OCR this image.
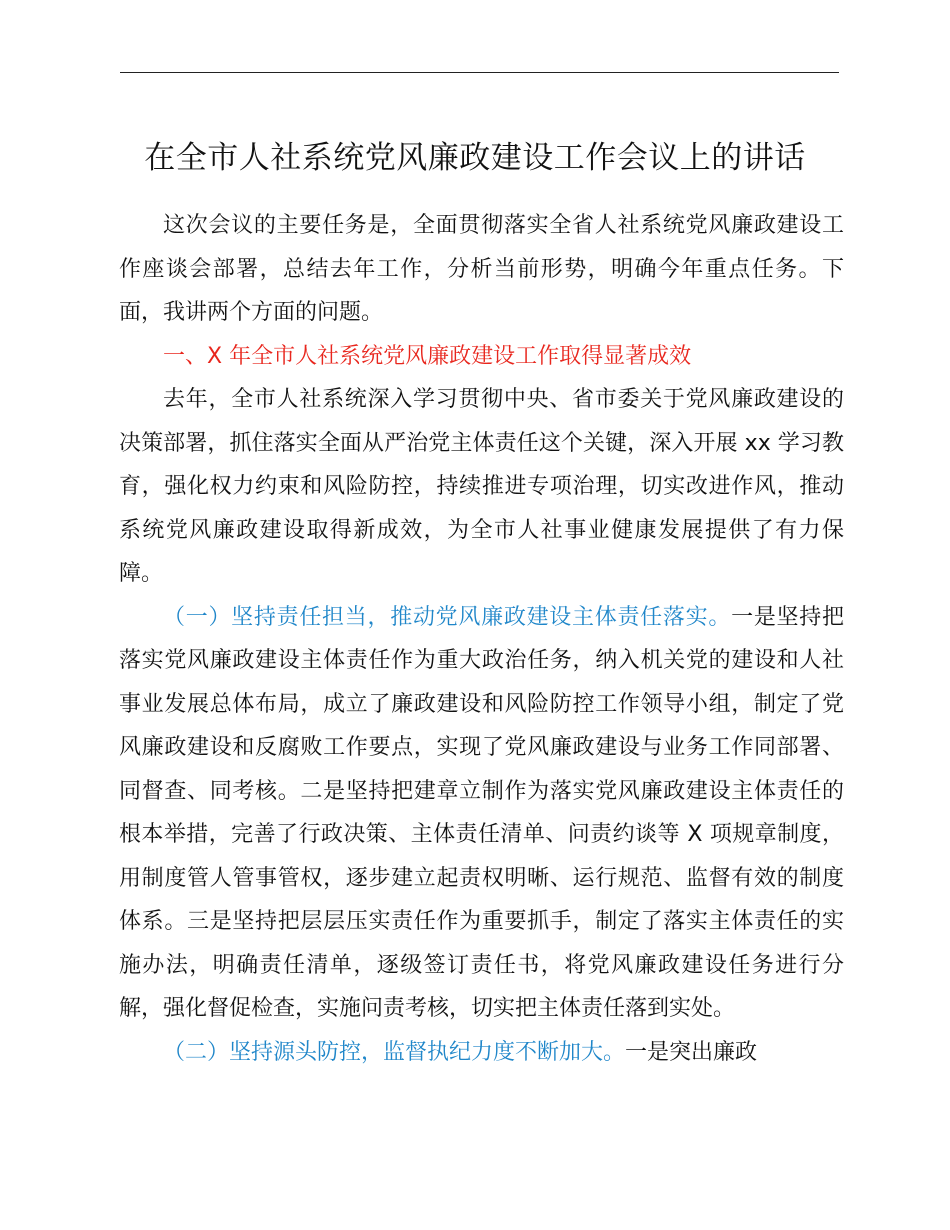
在全市人社系统党风廉政建设工作会议上的讲话

这次会议的主要任务是，全面贯彻落实全省人社系统党风廉政建设工作座谈会部署，总结去年工作，分析当前形势，明确今年重点任务。下面，我讲两个方面的问题。

一、X 年全市人社系统党风廉政建设工作取得显著成效

去年，全市人社系统深入学习贯彻中央、省市委关于党风廉政建设的决策部署，抓住落实全面从严治党主体责任这个关键，深入开展 xx 学习教育，强化权力约束和风险防控，持续推进专项治理，切实改进作风，推动系统党风廉政建设取得新成效，为全市人社事业健康发展提供了有力保障。

（一）坚持责任担当，推动党风廉政建设主体责任落实。一是坚持把落实党风廉政建设主体责任作为重大政治任务，纳入机关党的建设和人社事业发展总体布局，成立了廉政建设和风险防控工作领导小组，制定了党风廉政建设和反腐败工作要点，实现了党风廉政建设与业务工作同部署、同督查、同考核。二是坚持把建章立制作为落实党风廉政建设主体责任的根本举措，完善了行政决策、主体责任清单、问责约谈等 X 项规章制度，用制度管人管事管权，逐步建立起责权明晰、运行规范、监督有效的制度体系。三是坚持把层层压实责任作为重要抓手，制定了落实主体责任的实施办法，明确责任清单，逐级签订责任书，将党风廉政建设任务进行分解，强化督促检查，实施问责考核，切实把主体责任落到实处。

（二）坚持源头防控，监督执纪力度不断加大。一是突出廉政
